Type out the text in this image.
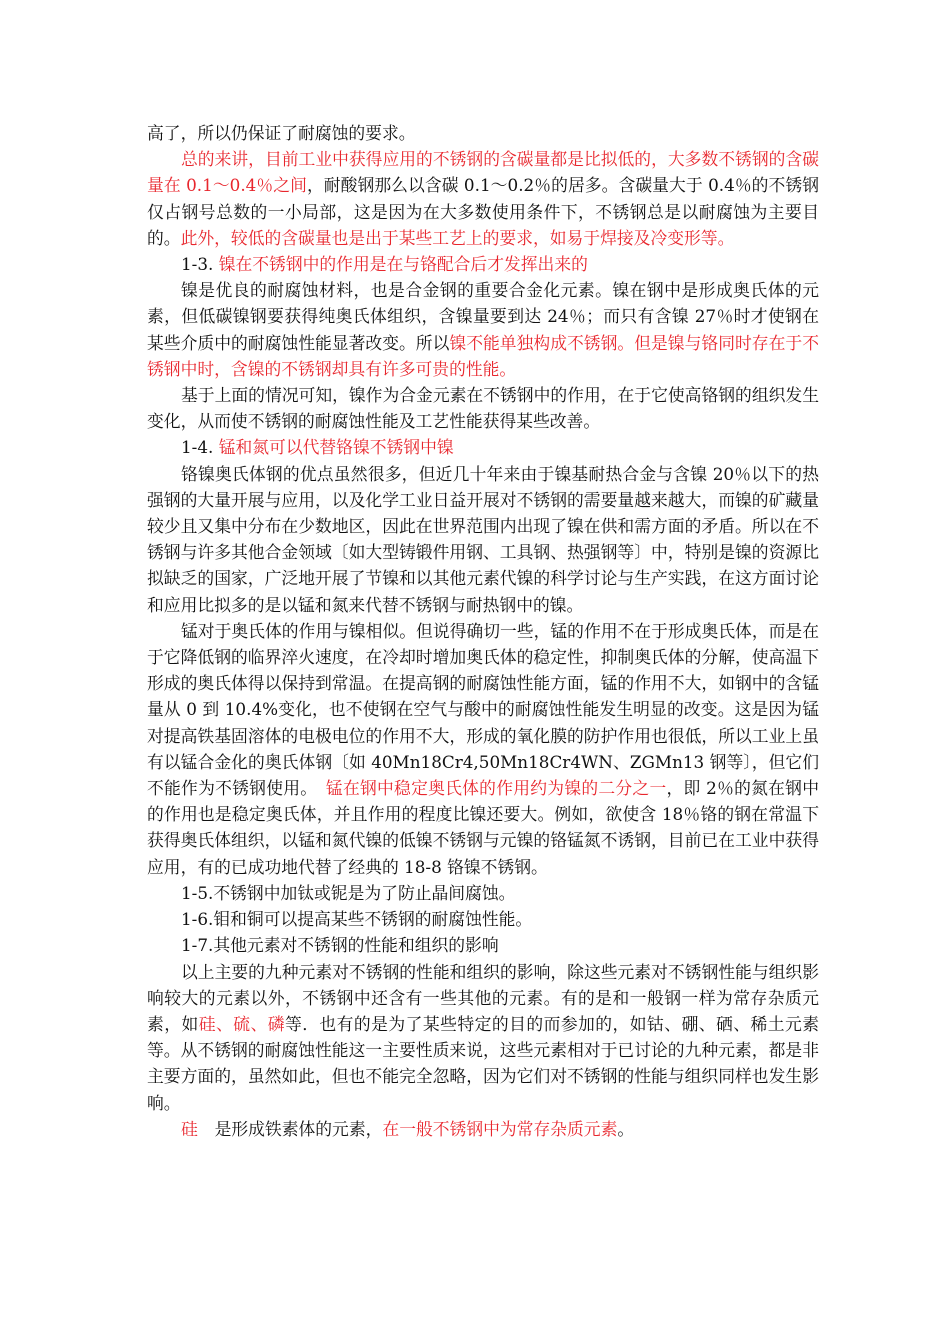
高了，所以仍保证了耐腐蚀的要求。

总的来讲，目前工业中获得应用的不锈钢的含碳量都是比拟低的，大多数不锈钢的含碳量在 0.1～0.4％之间，耐酸钢那么以含碳 0.1～0.2％的居多。含碳量大于 0.4％的不锈钢仅占钢号总数的一小局部，这是因为在大多数使用条件下，不锈钢总是以耐腐蚀为主要目的。此外，较低的含碳量也是出于某些工艺上的要求，如易于焊接及冷变形等。

1-3. 镍在不锈钢中的作用是在与铬配合后才发挥出来的

镍是优良的耐腐蚀材料，也是合金钢的重要合金化元素。镍在钢中是形成奥氏体的元素，但低碳镍钢要获得纯奥氏体组织，含镍量要到达 24％；而只有含镍 27％时才使钢在某些介质中的耐腐蚀性能显著改变。所以镍不能单独构成不锈钢。但是镍与铬同时存在于不锈钢中时，含镍的不锈钢却具有许多可贵的性能。

基于上面的情况可知，镍作为合金元素在不锈钢中的作用，在于它使高铬钢的组织发生变化，从而使不锈钢的耐腐蚀性能及工艺性能获得某些改善。

1-4. 锰和氮可以代替铬镍不锈钢中镍

铬镍奥氏体钢的优点虽然很多，但近几十年来由于镍基耐热合金与含镍 20％以下的热强钢的大量开展与应用，以及化学工业日益开展对不锈钢的需要量越来越大，而镍的矿藏量较少且又集中分布在少数地区，因此在世界范围内出现了镍在供和需方面的矛盾。所以在不锈钢与许多其他合金领域〔如大型铸锻件用钢、工具钢、热强钢等〕中，特别是镍的资源比拟缺乏的国家，广泛地开展了节镍和以其他元素代镍的科学讨论与生产实践，在这方面讨论和应用比拟多的是以锰和氮来代替不锈钢与耐热钢中的镍。

锰对于奥氏体的作用与镍相似。但说得确切一些，锰的作用不在于形成奥氏体，而是在于它降低钢的临界淬火速度，在冷却时增加奥氏体的稳定性，抑制奥氏体的分解，使高温下形成的奥氏体得以保持到常温。在提高钢的耐腐蚀性能方面，锰的作用不大，如钢中的含锰量从 0 到 10.4%变化，也不使钢在空气与酸中的耐腐蚀性能发生明显的改变。这是因为锰对提高铁基固溶体的电极电位的作用不大，形成的氧化膜的防护作用也很低，所以工业上虽有以锰合金化的奥氏体钢〔如 40Mn18Cr4,50Mn18Cr4WN、ZGMn13 钢等〕，但它们不能作为不锈钢使用。　锰在钢中稳定奥氏体的作用约为镍的二分之一，即 2％的氮在钢中的作用也是稳定奥氏体，并且作用的程度比镍还要大。例如，欲使含 18％铬的钢在常温下获得奥氏体组织，以锰和氮代镍的低镍不锈钢与元镍的铬锰氮不诱钢，目前已在工业中获得应用，有的已成功地代替了经典的 18-8 铬镍不锈钢。

1-5.不锈钢中加钛或铌是为了防止晶间腐蚀。

1-6.钼和铜可以提高某些不锈钢的耐腐蚀性能。

1-7.其他元素对不锈钢的性能和组织的影响

以上主要的九种元素对不锈钢的性能和组织的影响，除这些元素对不锈钢性能与组织影响较大的元素以外，不锈钢中还含有一些其他的元素。有的是和一般钢一样为常存杂质元素，如硅、硫、磷等．也有的是为了某些特定的目的而参加的，如钴、硼、硒、稀土元素等。从不锈钢的耐腐蚀性能这一主要性质来说，这些元素相对于已讨论的九种元素，都是非主要方面的，虽然如此，但也不能完全忽略，因为它们对不锈钢的性能与组织同样也发生影响。

硅　是形成铁素体的元素，在一般不锈钢中为常存杂质元素。
